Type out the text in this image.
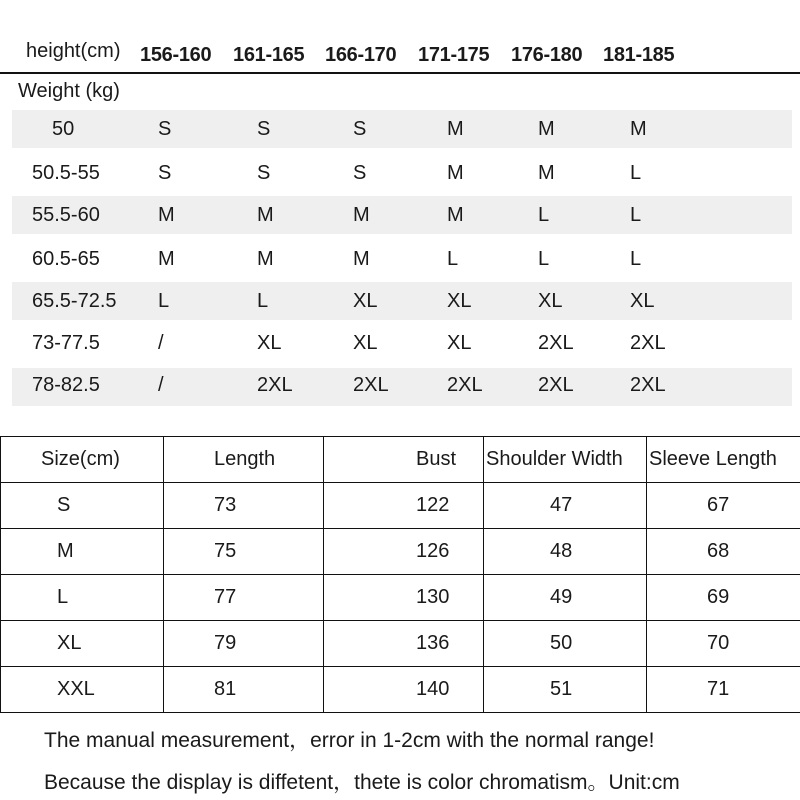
height(cm) 156-160 161-165 166-170 171-175 176-180 181-185
Weight (kg)
50	S	S	S	M	M	M
50.5-55	S	S	S	M	M	L
55.5-60	M	M	M	M	L	L
60.5-65	M	M	M	L	L	L
65.5-72.5 L	L	XL	XL	XL	XL
73-77.5	/	XL	XL	XL	2XL	2XL
78-82.5	/	2XL	2XL	2XL	2XL	2XL
Size(cm)	Length	Bust	Shoulder Width	Sleeve Length
S	73	122	47	67
M	75	126	48	68
L	77	130	49	69
XL	79	136	50	70
XXL	81	140	51	71
The manual measurement，error in 1-2cm with the normal range!
Because the display is diffetent，thete is color chromatism。Unit:cm
